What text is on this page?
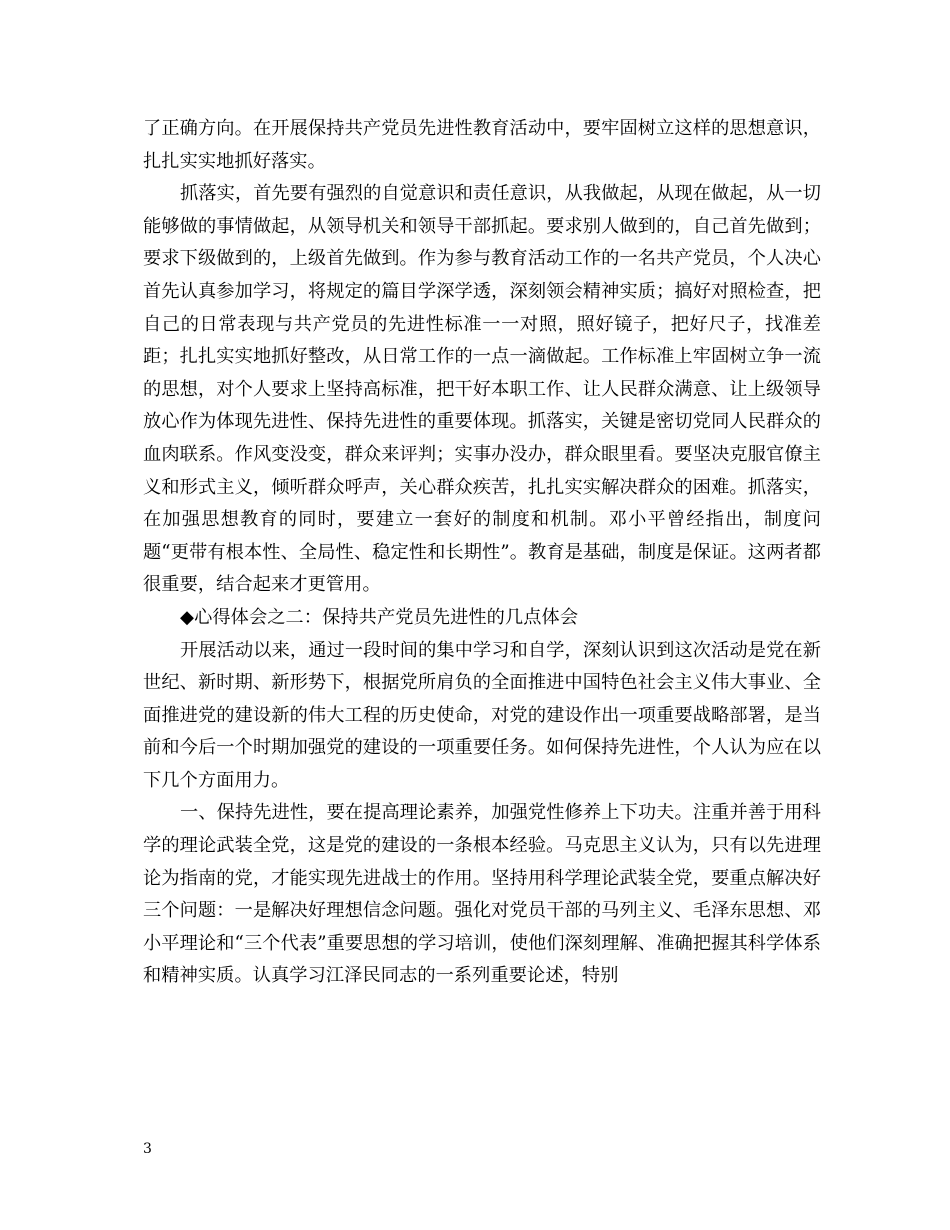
了正确方向。在开展保持共产党员先进性教育活动中，要牢固树立这样的思想意识，扎扎实实地抓好落实。

抓落实，首先要有强烈的自觉意识和责任意识，从我做起，从现在做起，从一切能够做的事情做起，从领导机关和领导干部抓起。要求别人做到的，自己首先做到；要求下级做到的，上级首先做到。作为参与教育活动工作的一名共产党员，个人决心首先认真参加学习，将规定的篇目学深学透，深刻领会精神实质；搞好对照检查，把自己的日常表现与共产党员的先进性标准一一对照，照好镜子，把好尺子，找准差距；扎扎实实地抓好整改，从日常工作的一点一滴做起。工作标准上牢固树立争一流的思想，对个人要求上坚持高标准，把干好本职工作、让人民群众满意、让上级领导放心作为体现先进性、保持先进性的重要体现。抓落实，关键是密切党同人民群众的血肉联系。作风变没变，群众来评判；实事办没办，群众眼里看。要坚决克服官僚主义和形式主义，倾听群众呼声，关心群众疾苦，扎扎实实解决群众的困难。抓落实，在加强思想教育的同时，要建立一套好的制度和机制。邓小平曾经指出，制度问题“更带有根本性、全局性、稳定性和长期性”。教育是基础，制度是保证。这两者都很重要，结合起来才更管用。

◆心得体会之二：保持共产党员先进性的几点体会

开展活动以来，通过一段时间的集中学习和自学，深刻认识到这次活动是党在新世纪、新时期、新形势下，根据党所肩负的全面推进中国特色社会主义伟大事业、全面推进党的建设新的伟大工程的历史使命，对党的建设作出一项重要战略部署，是当前和今后一个时期加强党的建设的一项重要任务。如何保持先进性，个人认为应在以下几个方面用力。

一、保持先进性，要在提高理论素养，加强党性修养上下功夫。注重并善于用科学的理论武装全党，这是党的建设的一条根本经验。马克思主义认为，只有以先进理论为指南的党，才能实现先进战士的作用。坚持用科学理论武装全党，要重点解决好三个问题：一是解决好理想信念问题。强化对党员干部的马列主义、毛泽东思想、邓小平理论和“三个代表”重要思想的学习培训，使他们深刻理解、准确把握其科学体系和精神实质。认真学习江泽民同志的一系列重要论述，特别

3
